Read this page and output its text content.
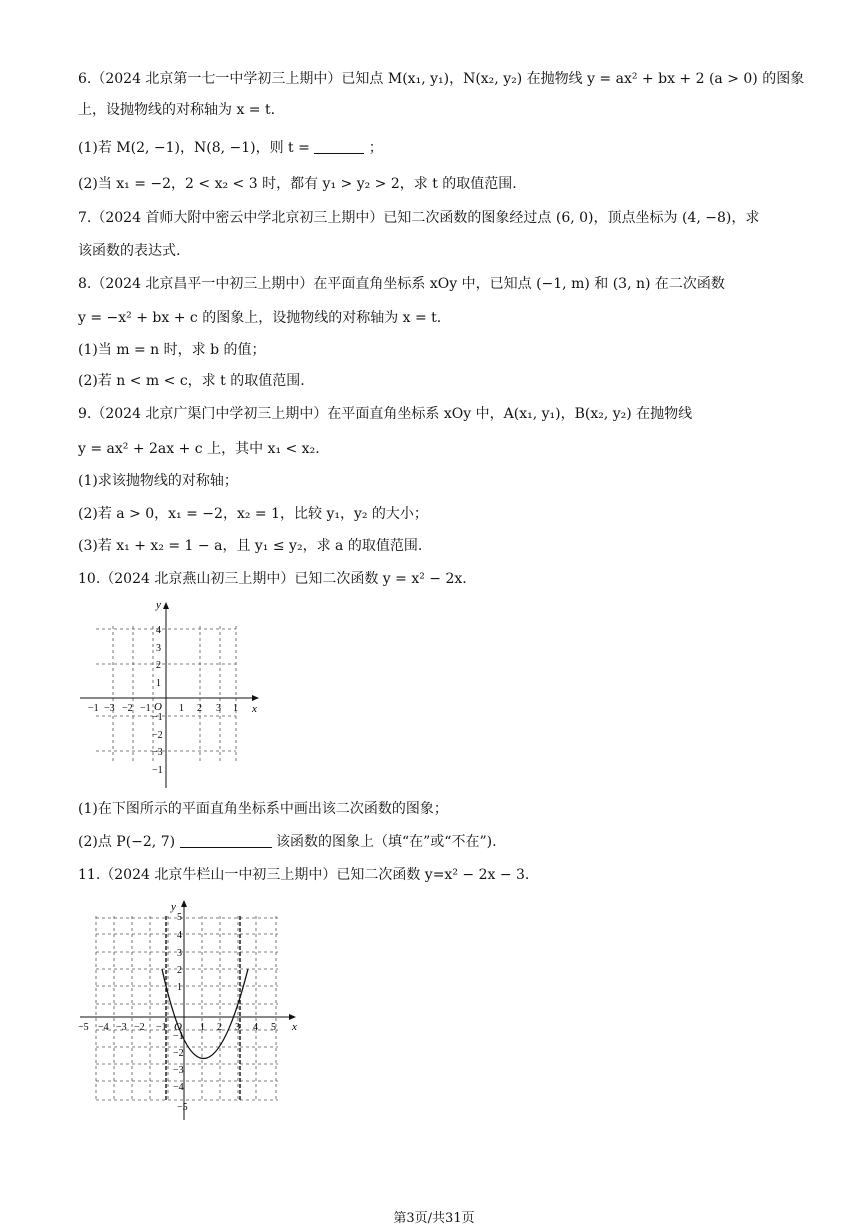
6.（2024 北京第一七一中学初三上期中）已知点 M(x₁, y₁)，N(x₂, y₂) 在抛物线 y = ax² + bx + 2 (a > 0) 的图象
上，设抛物线的对称轴为 x = t.
(1)若 M(2, −1)，N(8, −1)，则 t =	；
(2)当 x₁ = −2，2 < x₂ < 3 时，都有 y₁ > y₂ > 2，求 t 的取值范围.
7.（2024 首师大附中密云中学北京初三上期中）已知二次函数的图象经过点 (6, 0)，顶点坐标为 (4, −8)，求
该函数的表达式.
8.（2024 北京昌平一中初三上期中）在平面直角坐标系 xOy 中，已知点 (−1, m) 和 (3, n) 在二次函数
y = −x² + bx + c 的图象上，设抛物线的对称轴为 x = t.
(1)当 m = n 时，求 b 的值；
(2)若 n < m < c，求 t 的取值范围.
9.（2024 北京广渠门中学初三上期中）在平面直角坐标系 xOy 中，A(x₁, y₁)，B(x₂, y₂) 在抛物线
y = ax² + 2ax + c 上，其中 x₁ < x₂.
(1)求该抛物线的对称轴；
(2)若 a > 0，x₁ = −2，x₂ = 1，比较 y₁，y₂ 的大小；
(3)若 x₁ + x₂ = 1 − a，且 y₁ ≤ y₂，求 a 的取值范围.
10.（2024 北京燕山初三上期中）已知二次函数 y = x² − 2x.
y
x
O
−1 −3 −2 −1	1 2 3 1
4
3
2
1
−1
−2
−3
−1
(1)在下图所示的平面直角坐标系中画出该二次函数的图象；
(2)点 P(−2, 7)	该函数的图象上（填“在”或“不在”).
11.（2024 北京牛栏山一中初三上期中）已知二次函数 y=x² − 2x − 3.
y
x
O
−5 −4 −3 −2 −1	1 2 3 4 5
5
4
3
2
1
−1
−2
−3
−4
−5
第3页/共31页
